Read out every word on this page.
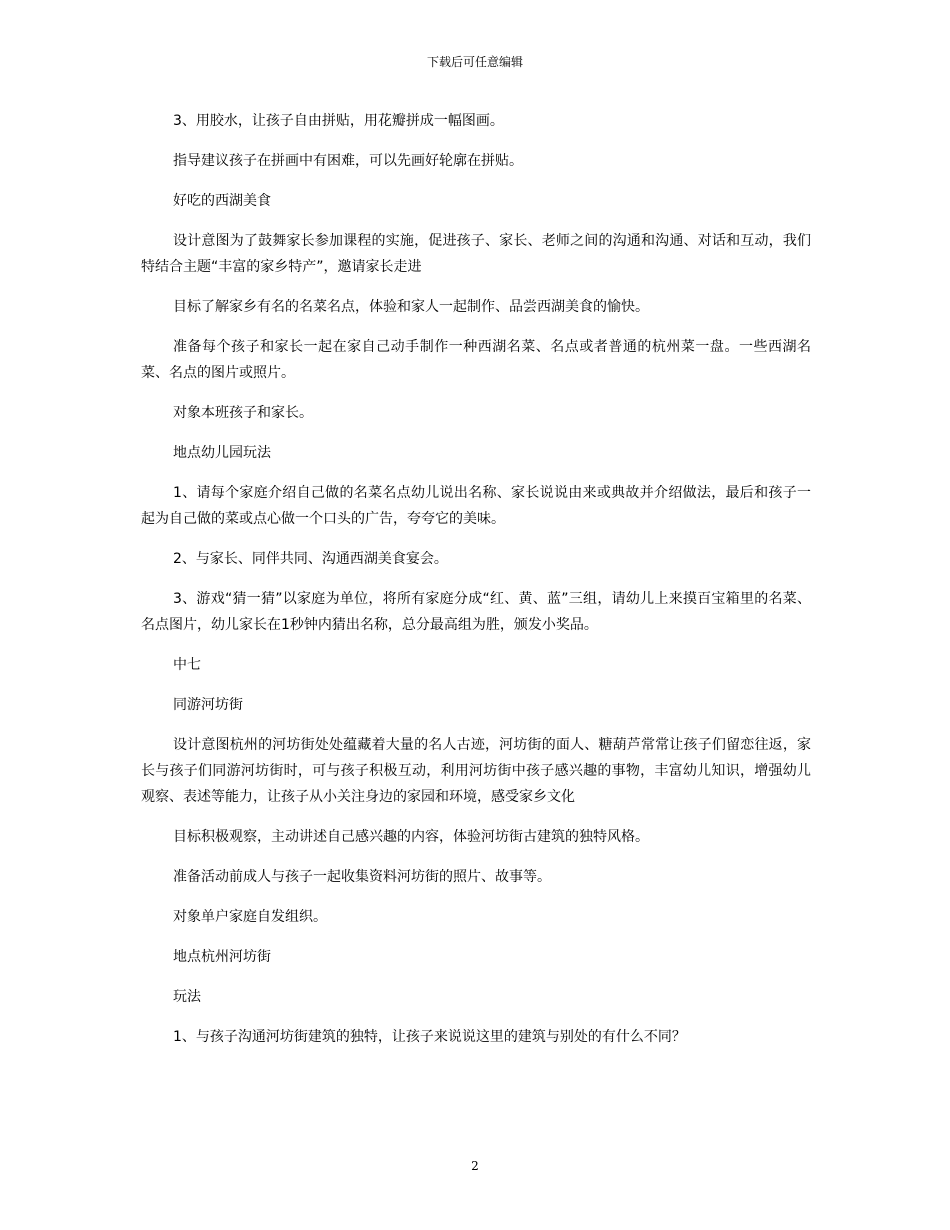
下载后可任意编辑

3、用胶水，让孩子自由拼贴，用花瓣拼成一幅图画。

指导建议孩子在拼画中有困难，可以先画好轮廓在拼贴。

好吃的西湖美食

设计意图为了鼓舞家长参加课程的实施，促进孩子、家长、老师之间的沟通和沟通、对话和互动，我们特结合主题“丰富的家乡特产”，邀请家长走进

目标了解家乡有名的名菜名点，体验和家人一起制作、品尝西湖美食的愉快。

准备每个孩子和家长一起在家自己动手制作一种西湖名菜、名点或者普通的杭州菜一盘。一些西湖名菜、名点的图片或照片。

对象本班孩子和家长。

地点幼儿园玩法

1、请每个家庭介绍自己做的名菜名点幼儿说出名称、家长说说由来或典故并介绍做法，最后和孩子一起为自己做的菜或点心做一个口头的广告，夸夸它的美味。

2、与家长、同伴共同、沟通西湖美食宴会。

3、游戏“猜一猜”以家庭为单位，将所有家庭分成“红、黄、蓝”三组，请幼儿上来摸百宝箱里的名菜、名点图片，幼儿家长在1秒钟内猜出名称，总分最高组为胜，颁发小奖品。

中七

同游河坊街

设计意图杭州的河坊街处处蕴藏着大量的名人古迹，河坊街的面人、糖葫芦常常让孩子们留恋往返，家长与孩子们同游河坊街时，可与孩子积极互动，利用河坊街中孩子感兴趣的事物，丰富幼儿知识，增强幼儿观察、表述等能力，让孩子从小关注身边的家园和环境，感受家乡文化

目标积极观察，主动讲述自己感兴趣的内容，体验河坊街古建筑的独特风格。

准备活动前成人与孩子一起收集资料河坊街的照片、故事等。

对象单户家庭自发组织。

地点杭州河坊街

玩法

1、与孩子沟通河坊街建筑的独特，让孩子来说说这里的建筑与别处的有什么不同？

2
